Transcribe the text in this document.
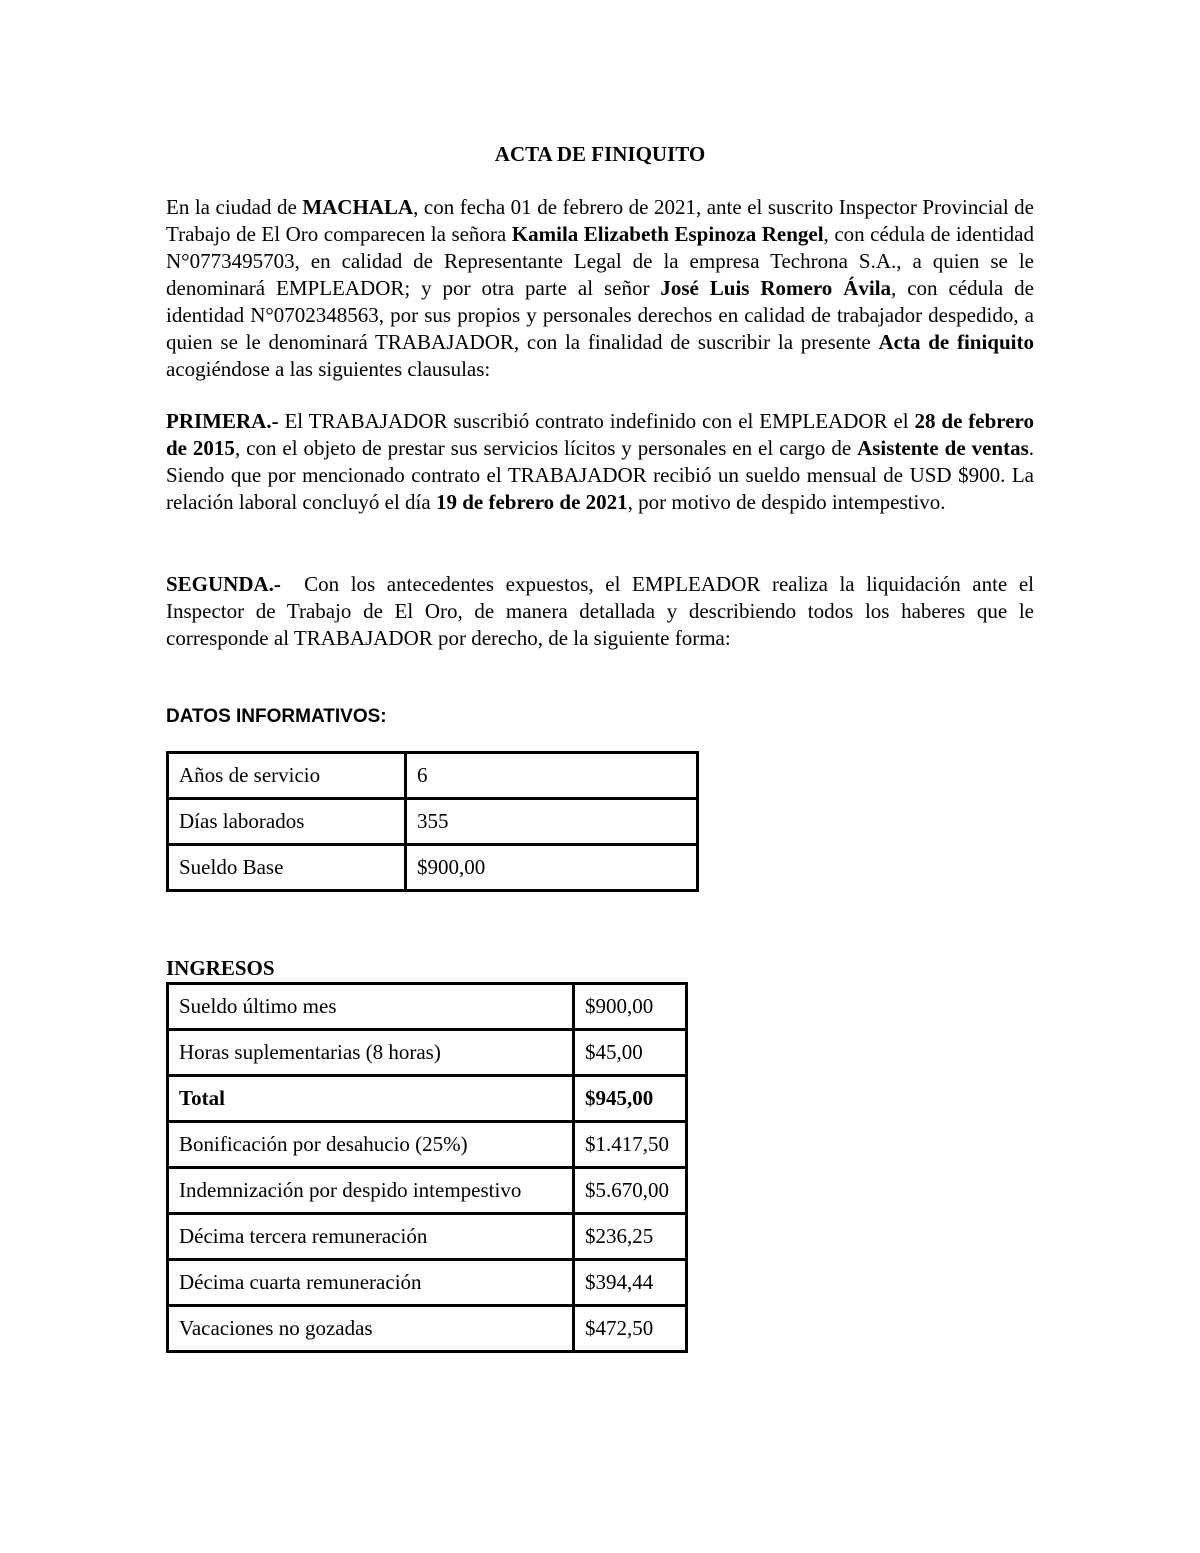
ACTA DE FINIQUITO

En la ciudad de MACHALA, con fecha 01 de febrero de 2021, ante el suscrito Inspector Provincial de Trabajo de El Oro comparecen la señora Kamila Elizabeth Espinoza Rengel, con cédula de identidad N°0773495703, en calidad de Representante Legal de la empresa Techrona S.A., a quien se le denominará EMPLEADOR; y por otra parte al señor José Luis Romero Ávila, con cédula de identidad N°0702348563, por sus propios y personales derechos en calidad de trabajador despedido, a quien se le denominará TRABAJADOR, con la finalidad de suscribir la presente Acta de finiquito acogiéndose a las siguientes clausulas:

PRIMERA.- El TRABAJADOR suscribió contrato indefinido con el EMPLEADOR el 28 de febrero de 2015, con el objeto de prestar sus servicios lícitos y personales en el cargo de Asistente de ventas. Siendo que por mencionado contrato el TRABAJADOR recibió un sueldo mensual de USD $900. La relación laboral concluyó el día 19 de febrero de 2021, por motivo de despido intempestivo.

SEGUNDA.-  Con los antecedentes expuestos, el EMPLEADOR realiza la liquidación ante el Inspector de Trabajo de El Oro, de manera detallada y describiendo todos los haberes que le corresponde al TRABAJADOR por derecho, de la siguiente forma:

DATOS INFORMATIVOS:
Años de servicio	6
Días laborados	355
Sueldo Base	$900,00
INGRESOS
Sueldo último mes	$900,00
Horas suplementarias (8 horas)	$45,00
Total	$945,00
Bonificación por desahucio (25%)	$1.417,50
Indemnización por despido intempestivo	$5.670,00
Décima tercera remuneración	$236,25
Décima cuarta remuneración	$394,44
Vacaciones no gozadas	$472,50
